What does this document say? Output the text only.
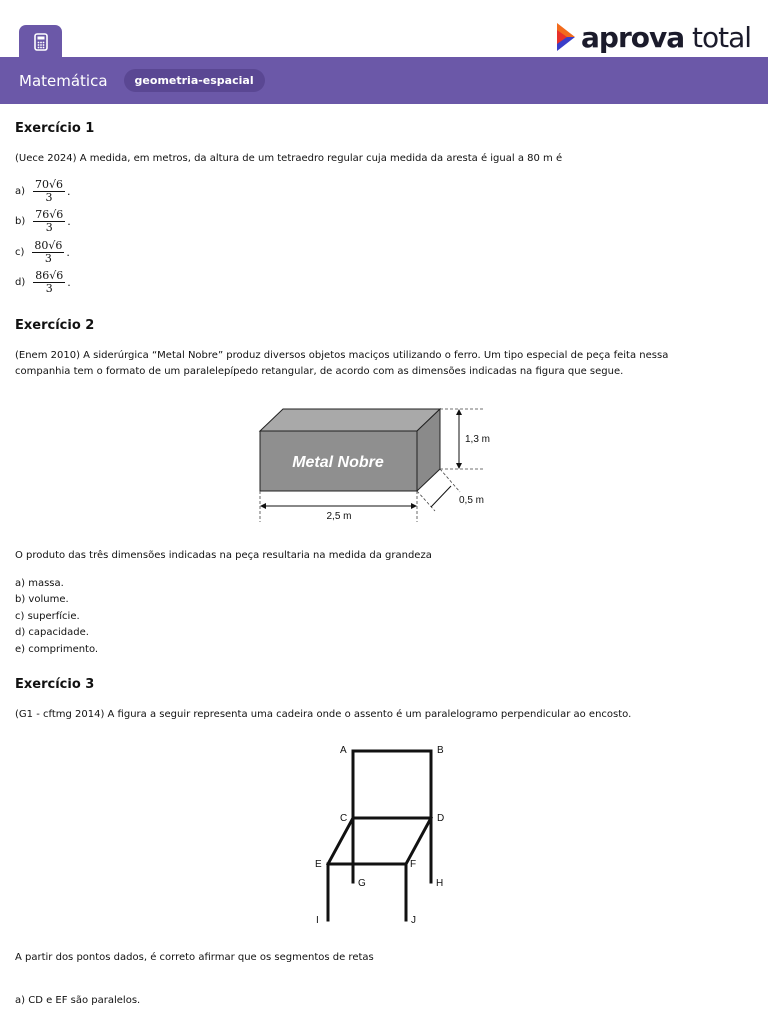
aprova total
Matemática	geometria-espacial
Exercício 1
(Uece 2024) A medida, em metros, da altura de um tetraedro regular cuja medida da aresta é igual a 80 m é
$a) \frac{70√6}{3}$ .
$b) \frac{76√6}{3}$ .
$c) \frac{80√6}{3}$ .
$d) \frac{86√6}{3}$ .
Exercício 2
(Enem 2010) A siderúrgica “Metal Nobre” produz diversos objetos maciços utilizando o ferro. Um tipo especial de peça feita nessa
companhia tem o formato de um paralelepípedo retangular, de acordo com as dimensões indicadas na figura que segue.
Metal Nobre
1,3 m
0,5 m
2,5 m
O produto das três dimensões indicadas na peça resultaria na medida da grandeza
a) massa.
b) volume.
c) superfície.
d) capacidade.
e) comprimento.
Exercício 3
(G1 - cftmg 2014) A figura a seguir representa uma cadeira onde o assento é um paralelogramo perpendicular ao encosto.
A	B
C	D
E	F
G	H
I	J
A partir dos pontos dados, é correto afirmar que os segmentos de retas
a) CD e EF são paralelos.
